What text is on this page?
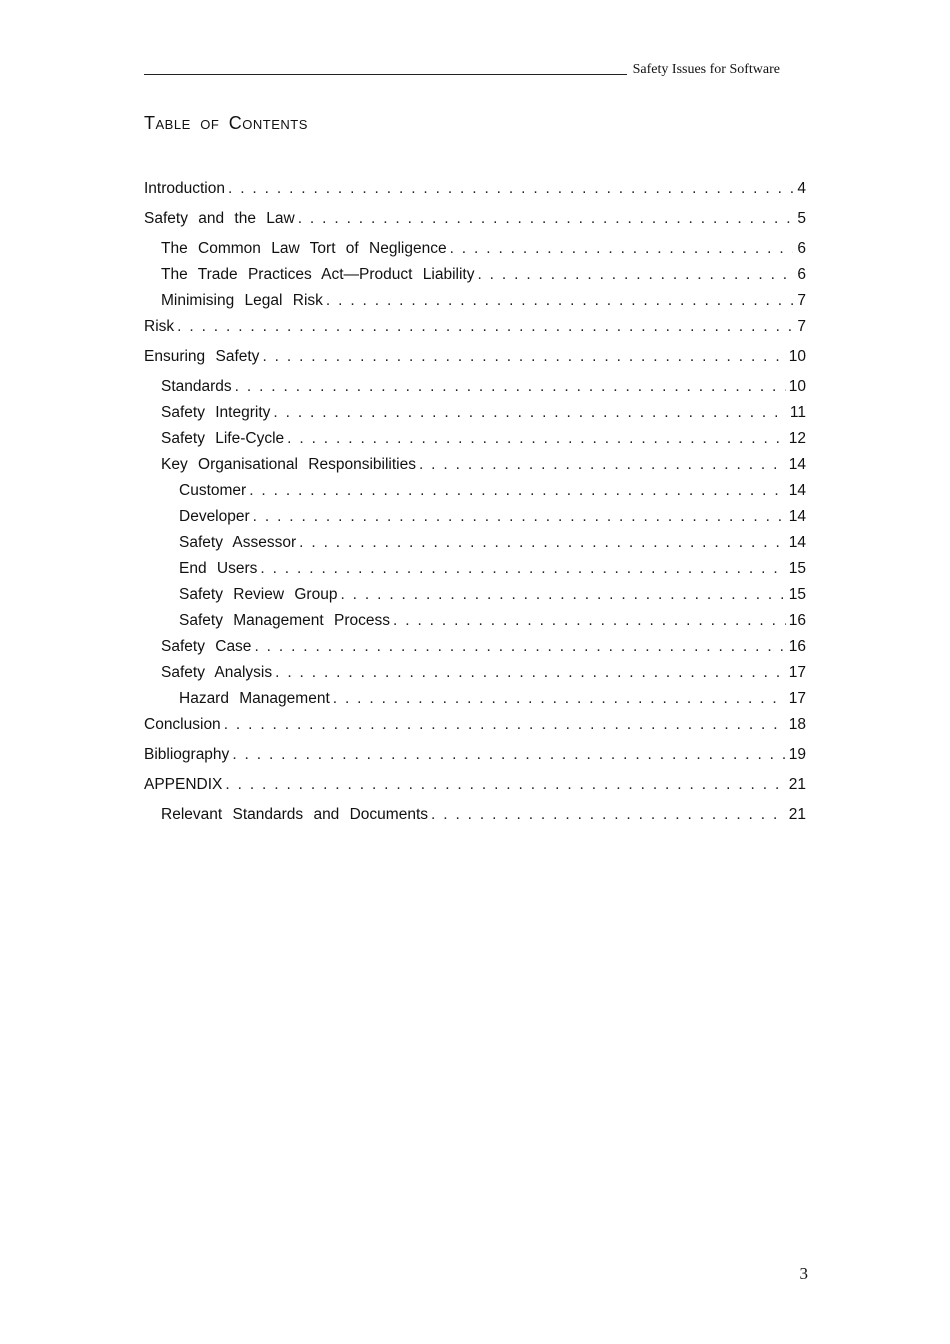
Safety Issues for Software
Table of Contents
Introduction . . .	4
Safety and the Law . . .	5
The Common Law Tort of Negligence . . .	6
The Trade Practices Act—Product Liability . . .	6
Minimising Legal Risk . . .	7
Risk . . .	7
Ensuring Safety . . .	10
Standards . . .	10
Safety Integrity . . .	11
Safety Life-Cycle . . .	12
Key Organisational Responsibilities . . .	14
Customer . . .	14
Developer . . .	14
Safety Assessor . . .	14
End Users . . .	15
Safety Review Group . . .	15
Safety Management Process . . .	16
Safety Case . . .	16
Safety Analysis . . .	17
Hazard Management . . .	17
Conclusion . . .	18
Bibliography . . .	19
APPENDIX . . .	21
Relevant Standards and Documents . . .	21
3
